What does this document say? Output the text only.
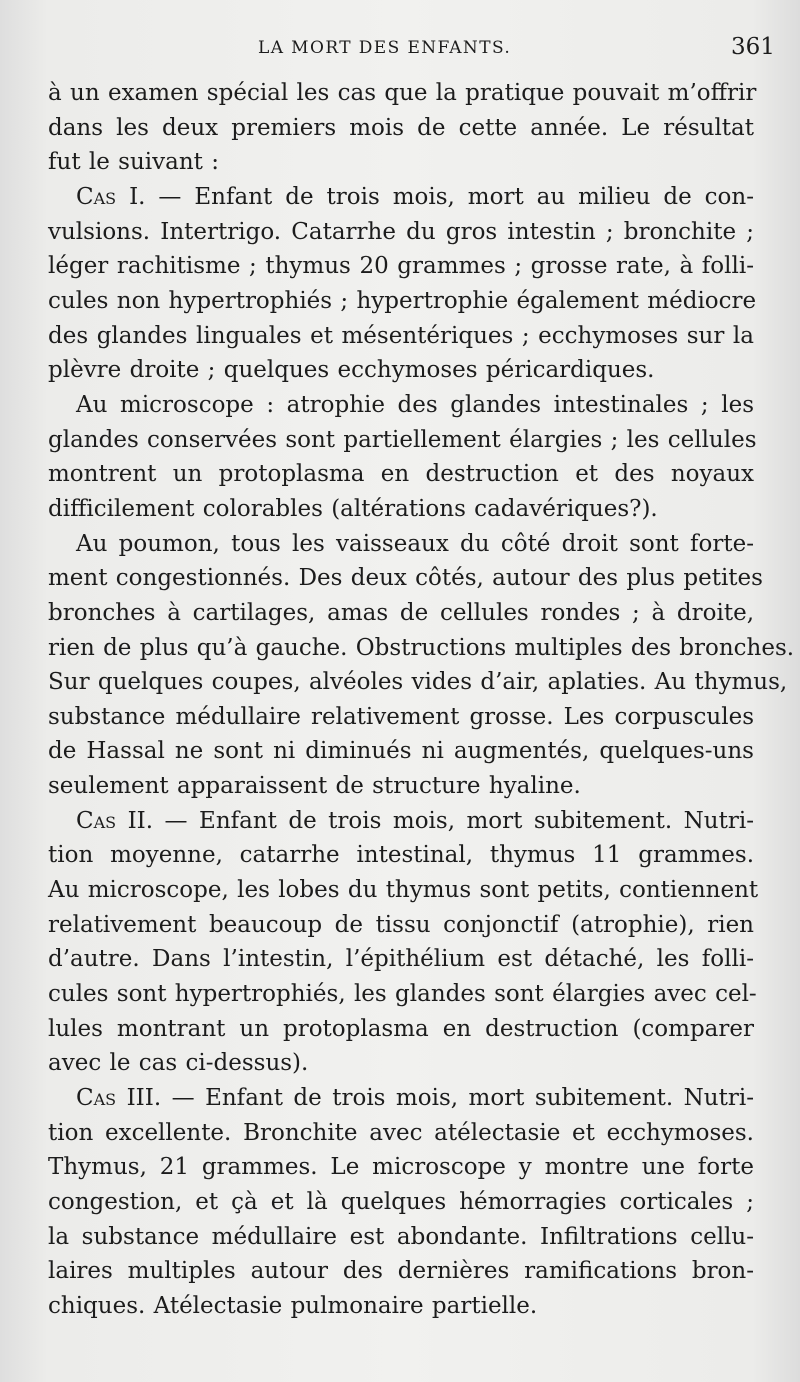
LA MORT DES ENFANTS.	361
à un examen spécial les cas que la pratique pouvait m’offrir
dans les deux premiers mois de cette année. Le résultat
fut le suivant :
Cas I. — Enfant de trois mois, mort au milieu de con-
vulsions. Intertrigo. Catarrhe du gros intestin ; bronchite ;
léger rachitisme ; thymus 20 grammes ; grosse rate, à folli-
cules non hypertrophiés ; hypertrophie également médiocre
des glandes linguales et mésentériques ; ecchymoses sur la
plèvre droite ; quelques ecchymoses péricardiques.
Au microscope : atrophie des glandes intestinales ; les
glandes conservées sont partiellement élargies ; les cellules
montrent un protoplasma en destruction et des noyaux
difficilement colorables (altérations cadavériques?).
Au poumon, tous les vaisseaux du côté droit sont forte-
ment congestionnés. Des deux côtés, autour des plus petites
bronches à cartilages, amas de cellules rondes ; à droite,
rien de plus qu’à gauche. Obstructions multiples des bronches.
Sur quelques coupes, alvéoles vides d’air, aplaties. Au thymus,
substance médullaire relativement grosse. Les corpuscules
de Hassal ne sont ni diminués ni augmentés, quelques-uns
seulement apparaissent de structure hyaline.
Cas II. — Enfant de trois mois, mort subitement. Nutri-
tion moyenne, catarrhe intestinal, thymus 11 grammes.
Au microscope, les lobes du thymus sont petits, contiennent
relativement beaucoup de tissu conjonctif (atrophie), rien
d’autre. Dans l’intestin, l’épithélium est détaché, les folli-
cules sont hypertrophiés, les glandes sont élargies avec cel-
lules montrant un protoplasma en destruction (comparer
avec le cas ci-dessus).
Cas III. — Enfant de trois mois, mort subitement. Nutri-
tion excellente. Bronchite avec atélectasie et ecchymoses.
Thymus, 21 grammes. Le microscope y montre une forte
congestion, et çà et là quelques hémorragies corticales ;
la substance médullaire est abondante. Infiltrations cellu-
laires multiples autour des dernières ramifications bron-
chiques. Atélectasie pulmonaire partielle.
